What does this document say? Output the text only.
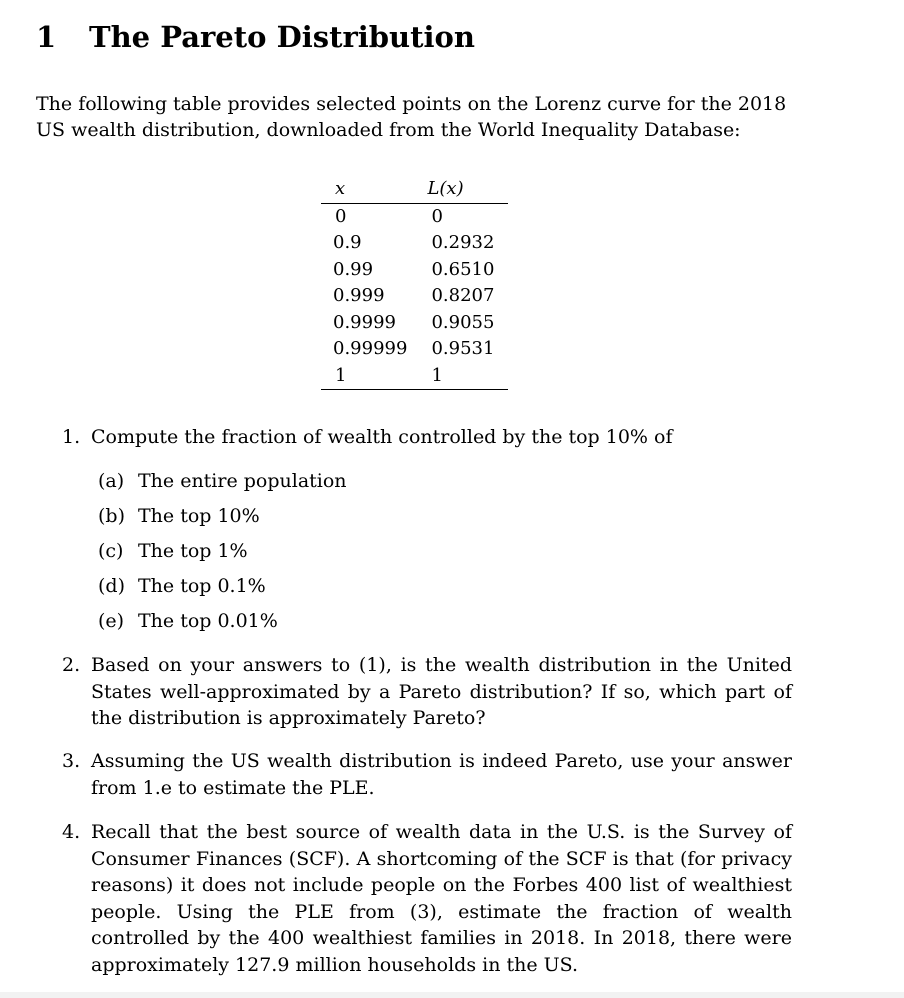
1 The Pareto Distribution

The following table provides selected points on the Lorenz curve for the 2018 US wealth distribution, downloaded from the World Inequality Database:

x	L(x)
0	0
0.9	0.2932
0.99	0.6510
0.999	0.8207
0.9999	0.9055
0.99999	0.9531
1	1
1. Compute the fraction of wealth controlled by the top 10% of
(a) The entire population
(b) The top 10%
(c) The top 1%
(d) The top 0.1%
(e) The top 0.01%
2. Based on your answers to (1), is the wealth distribution in the United States well-approximated by a Pareto distribution? If so, which part of the distribution is approximately Pareto?
3. Assuming the US wealth distribution is indeed Pareto, use your answer from 1.e to estimate the PLE.
4. Recall that the best source of wealth data in the U.S. is the Survey of Consumer Finances (SCF). A shortcoming of the SCF is that (for privacy reasons) it does not include people on the Forbes 400 list of wealthiest people. Using the PLE from (3), estimate the fraction of wealth controlled by the 400 wealthiest families in 2018. In 2018, there were approximately 127.9 million households in the US.
